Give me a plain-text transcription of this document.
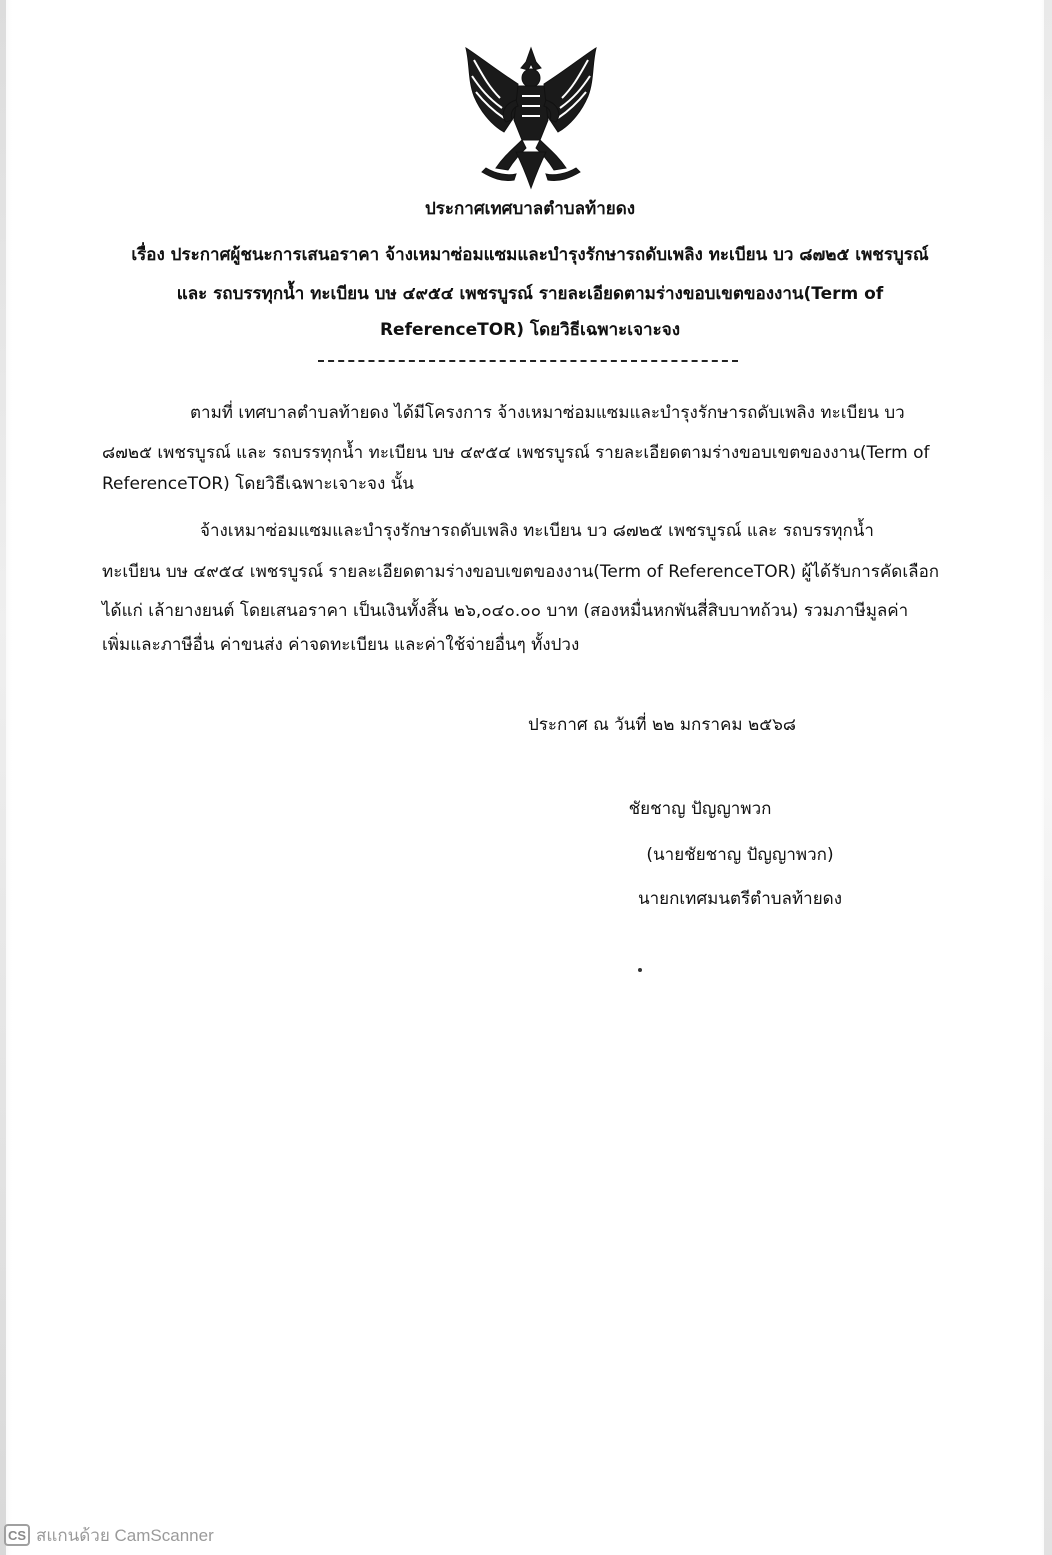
ประกาศเทศบาลตำบลท้ายดง
เรื่อง ประกาศผู้ชนะการเสนอราคา จ้างเหมาซ่อมแซมและบำรุงรักษารถดับเพลิง ทะเบียน บว ๘๗๒๕ เพชรบูรณ์
และ รถบรรทุกน้ำ ทะเบียน บษ ๔๙๕๔ เพชรบูรณ์ รายละเอียดตามร่างขอบเขตของงาน(Term of
ReferenceTOR) โดยวิธีเฉพาะเจาะจง
ตามที่ เทศบาลตำบลท้ายดง ได้มีโครงการ จ้างเหมาซ่อมแซมและบำรุงรักษารถดับเพลิง ทะเบียน บว
๘๗๒๕ เพชรบูรณ์ และ รถบรรทุกน้ำ ทะเบียน บษ ๔๙๕๔ เพชรบูรณ์ รายละเอียดตามร่างขอบเขตของงาน(Term of
ReferenceTOR) โดยวิธีเฉพาะเจาะจง นั้น
จ้างเหมาซ่อมแซมและบำรุงรักษารถดับเพลิง ทะเบียน บว ๘๗๒๕ เพชรบูรณ์ และ รถบรรทุกน้ำ
ทะเบียน บษ ๔๙๕๔ เพชรบูรณ์ รายละเอียดตามร่างขอบเขตของงาน(Term of ReferenceTOR) ผู้ได้รับการคัดเลือก
ได้แก่ เล้ายางยนต์ โดยเสนอราคา เป็นเงินทั้งสิ้น ๒๖,๐๔๐.๐๐ บาท (สองหมื่นหกพันสี่สิบบาทถ้วน) รวมภาษีมูลค่า
เพิ่มและภาษีอื่น ค่าขนส่ง ค่าจดทะเบียน และค่าใช้จ่ายอื่นๆ ทั้งปวง
ประกาศ ณ วันที่ ๒๒ มกราคม ๒๕๖๘
ชัยชาญ ปัญญาพวก
(นายชัยชาญ ปัญญาพวก)
นายกเทศมนตรีตำบลท้ายดง
CS สแกนด้วย CamScanner
